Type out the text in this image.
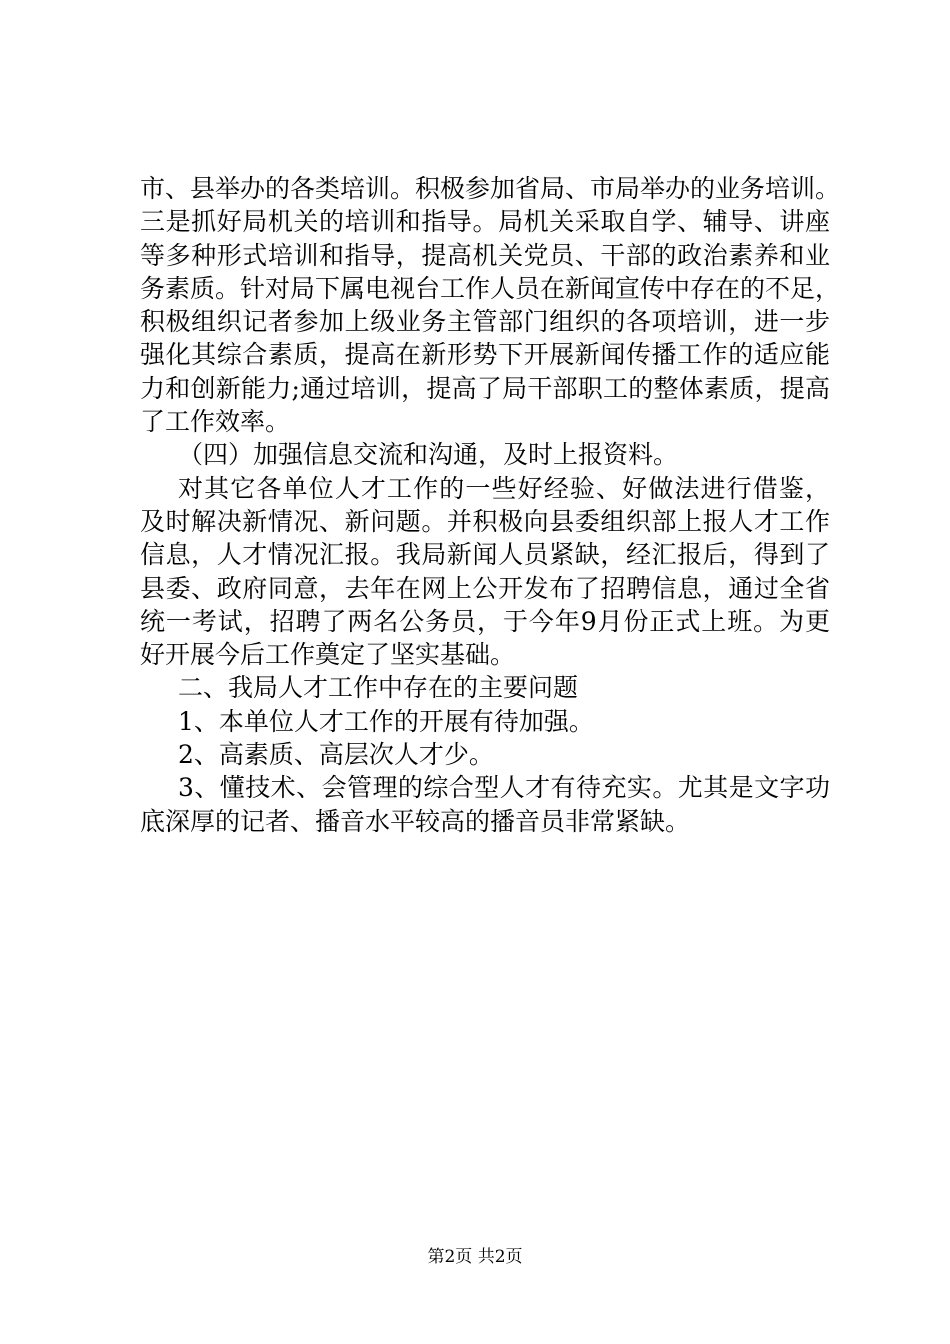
市、县举办的各类培训。积极参加省局、市局举办的业务培训。
三是抓好局机关的培训和指导。局机关采取自学、辅导、讲座
等多种形式培训和指导，提高机关党员、干部的政治素养和业
务素质。针对局下属电视台工作人员在新闻宣传中存在的不足，
积极组织记者参加上级业务主管部门组织的各项培训，进一步
强化其综合素质，提高在新形势下开展新闻传播工作的适应能
力和创新能力;通过培训，提高了局干部职工的整体素质，提高
了工作效率。
（四）加强信息交流和沟通，及时上报资料。
对其它各单位人才工作的一些好经验、好做法进行借鉴，
及时解决新情况、新问题。并积极向县委组织部上报人才工作
信息，人才情况汇报。我局新闻人员紧缺，经汇报后，得到了
县委、政府同意，去年在网上公开发布了招聘信息，通过全省
统一考试，招聘了两名公务员，于今年9月份正式上班。为更
好开展今后工作奠定了坚实基础。
二、我局人才工作中存在的主要问题
1、本单位人才工作的开展有待加强。
2、高素质、高层次人才少。
3、懂技术、会管理的综合型人才有待充实。尤其是文字功
底深厚的记者、播音水平较高的播音员非常紧缺。
第2页 共2页
